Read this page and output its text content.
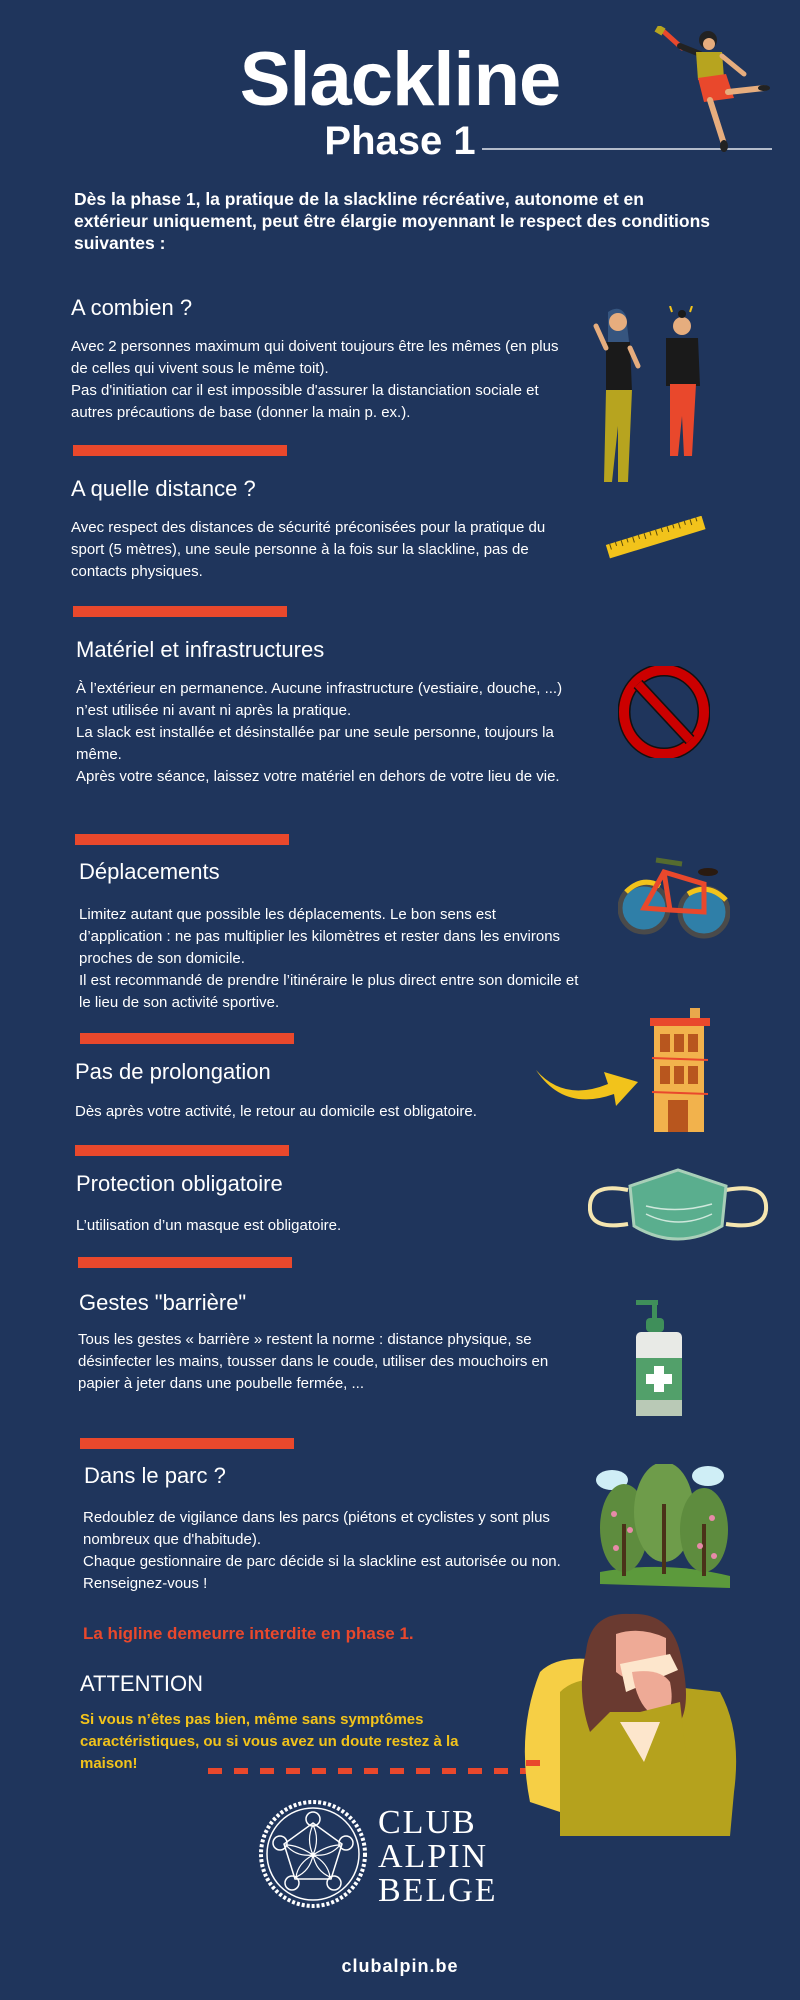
Slackline
Phase 1
Dès la phase 1, la pratique de la slackline récréative, autonome et en extérieur uniquement, peut être élargie moyennant le respect des conditions suivantes :
A combien ?
Avec 2 personnes maximum qui doivent toujours être les mêmes (en plus de celles qui vivent sous le même toit).
Pas d'initiation car il est impossible d'assurer la distanciation sociale et autres précautions de base (donner la main p. ex.).
A quelle distance ?
Avec respect des distances de sécurité préconisées pour la pratique du sport (5 mètres), une seule personne à la fois sur la slackline, pas de contacts physiques.
Matériel et infrastructures
À l’extérieur en permanence. Aucune infrastructure (vestiaire, douche, ...) n’est utilisée ni avant ni après la pratique.
La slack est installée et désinstallée par une seule personne, toujours la même.
Après votre séance, laissez votre matériel en dehors de votre lieu de vie.
Déplacements
Limitez autant que possible les déplacements. Le bon sens est d’application : ne pas multiplier les kilomètres et rester dans les environs proches de son domicile.
Il est recommandé de prendre l’itinéraire le plus direct entre son domicile et le lieu de son activité sportive.
Pas de prolongation
Dès après votre activité, le retour au domicile est obligatoire.
Protection obligatoire
L’utilisation d’un masque est obligatoire.
Gestes "barrière"
Tous les gestes « barrière » restent la norme : distance physique, se désinfecter les mains, tousser dans le coude, utiliser des mouchoirs en papier à jeter dans une poubelle fermée, ...
Dans le parc ?
Redoublez de vigilance dans les parcs (piétons et cyclistes y sont plus nombreux que d'habitude).
Chaque gestionnaire de parc décide si la slackline est autorisée ou non. Renseignez-vous !
La higline demeurre interdite en phase 1.
ATTENTION
Si vous n’êtes pas bien, même sans symptômes caractéristiques, ou si vous avez un doute restez à la maison!
CLUB
ALPIN
BELGE
clubalpin.be
